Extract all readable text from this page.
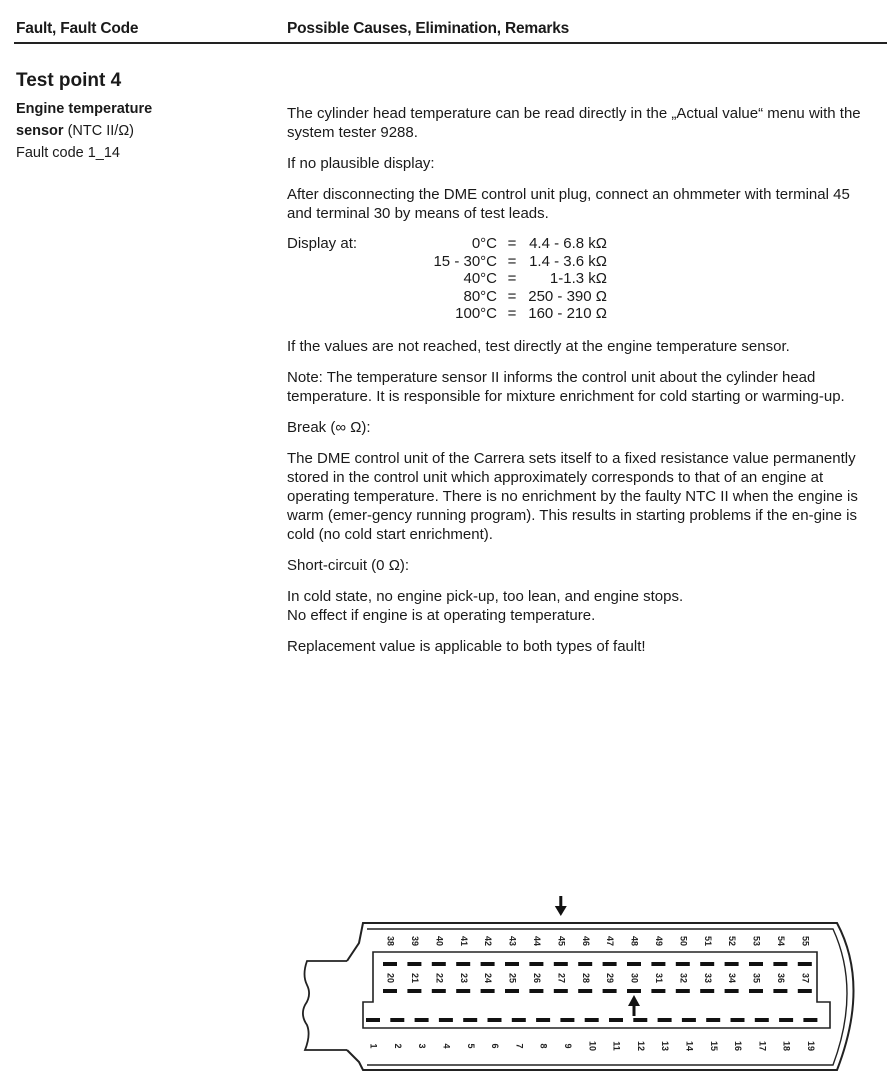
Fault, Fault Code	Possible Causes, Elimination, Remarks
Test point 4
Engine temperature
sensor (NTC II/Ω)
Fault code 1_14

The cylinder head temperature can be read directly in the „Actual value“ menu with the system tester 9288.

If no plausible display:

After disconnecting the DME control unit plug, connect an ohmmeter with terminal 45 and terminal 30 by means of test leads.

Display at:	0°C = 4.4 - 6.8 kΩ
15 - 30°C = 1.4 - 3.6 kΩ
40°C =	1-1.3 kΩ
80°C = 250 - 390 Ω
100°C = 160 - 210 Ω

If the values are not reached, test directly at the engine temperature sensor.

Note: The temperature sensor II informs the control unit about the cylinder head temperature. It is responsible for mixture enrichment for cold starting or warming-up.

Break (∞ Ω):

The DME control unit of the Carrera sets itself to a fixed resistance value permanently stored in the control unit which approximately corresponds to that of an engine at operating temperature. There is no enrichment by the faulty NTC II when the engine is warm (emer-gency running program). This results in starting problems if the en-gine is cold (no cold start enrichment).

Short-circuit (0 Ω):

In cold state, no engine pick-up, too lean, and engine stops.
No effect if engine is at operating temperature.

Replacement value is applicable to both types of fault!

38 39 40 41 42 43 44 45 46 47 48 49 50 51 52 53 54 55
20 21 22 23 24 25 26 27 28 29 30 31 32 33 34 35 36 37
1 2 3 4 5 6 7 8 9 10 11 12 13 14 15 16 17 18 19
